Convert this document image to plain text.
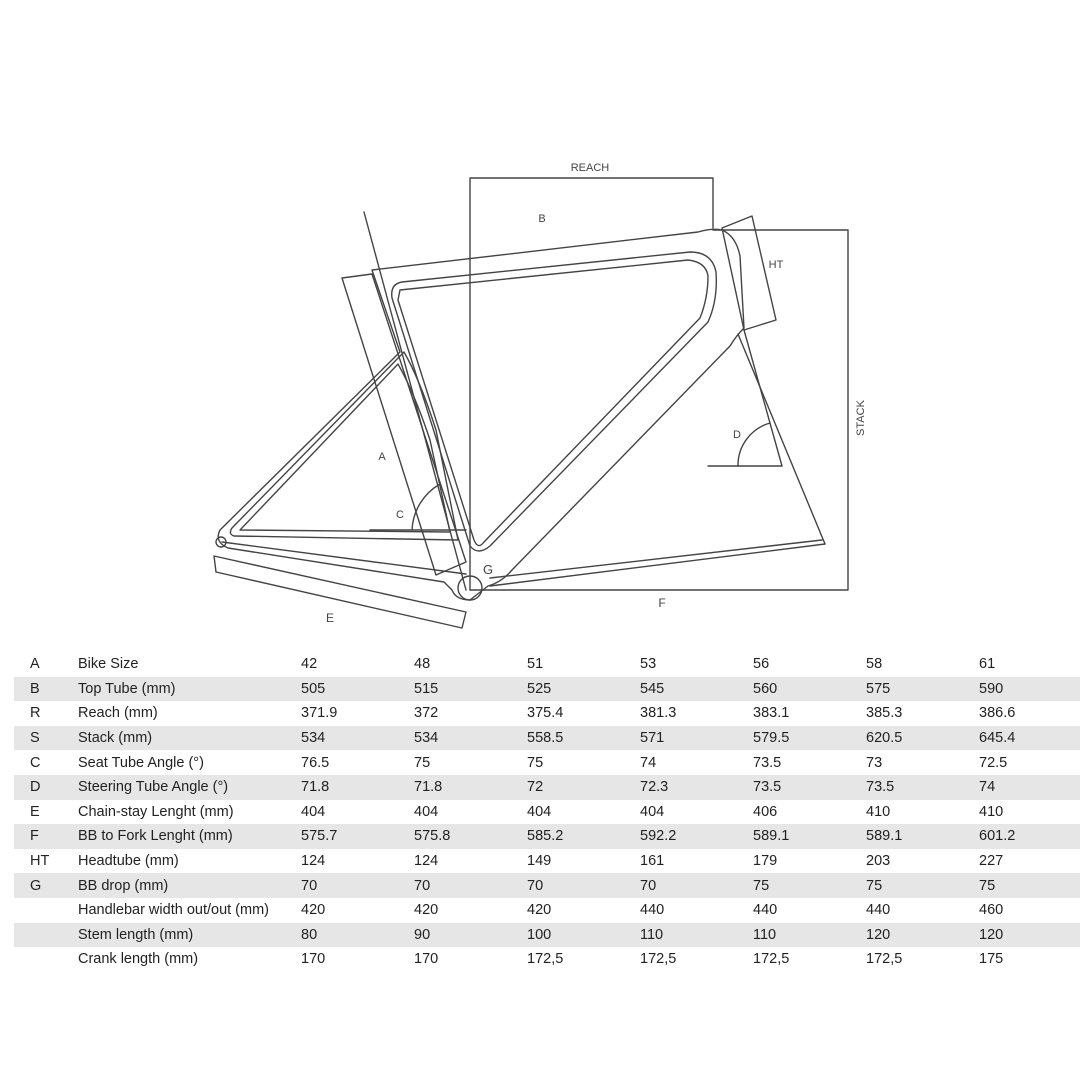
REACH
B
HT
STACK
D
A
C
G
F
E
A	Bike Size	42	48	51	53	56	58	61
B	Top Tube (mm)	505	515	525	545	560	575	590
R	Reach (mm)	371.9	372	375.4	381.3	383.1	385.3	386.6
S	Stack (mm)	534	534	558.5	571	579.5	620.5	645.4
C	Seat Tube Angle (°)	76.5	75	75	74	73.5	73	72.5
D	Steering Tube Angle (°)	71.8	71.8	72	72.3	73.5	73.5	74
E	Chain-stay Lenght (mm)	404	404	404	404	406	410	410
F	BB to Fork Lenght (mm)	575.7	575.8	585.2	592.2	589.1	589.1	601.2
HT	Headtube (mm)	124	124	149	161	179	203	227
G	BB drop (mm)	70	70	70	70	75	75	75
	Handlebar width out/out (mm)	420	420	420	440	440	440	460
	Stem length (mm)	80	90	100	110	110	120	120
	Crank length (mm)	170	170	172,5	172,5	172,5	172,5	175
